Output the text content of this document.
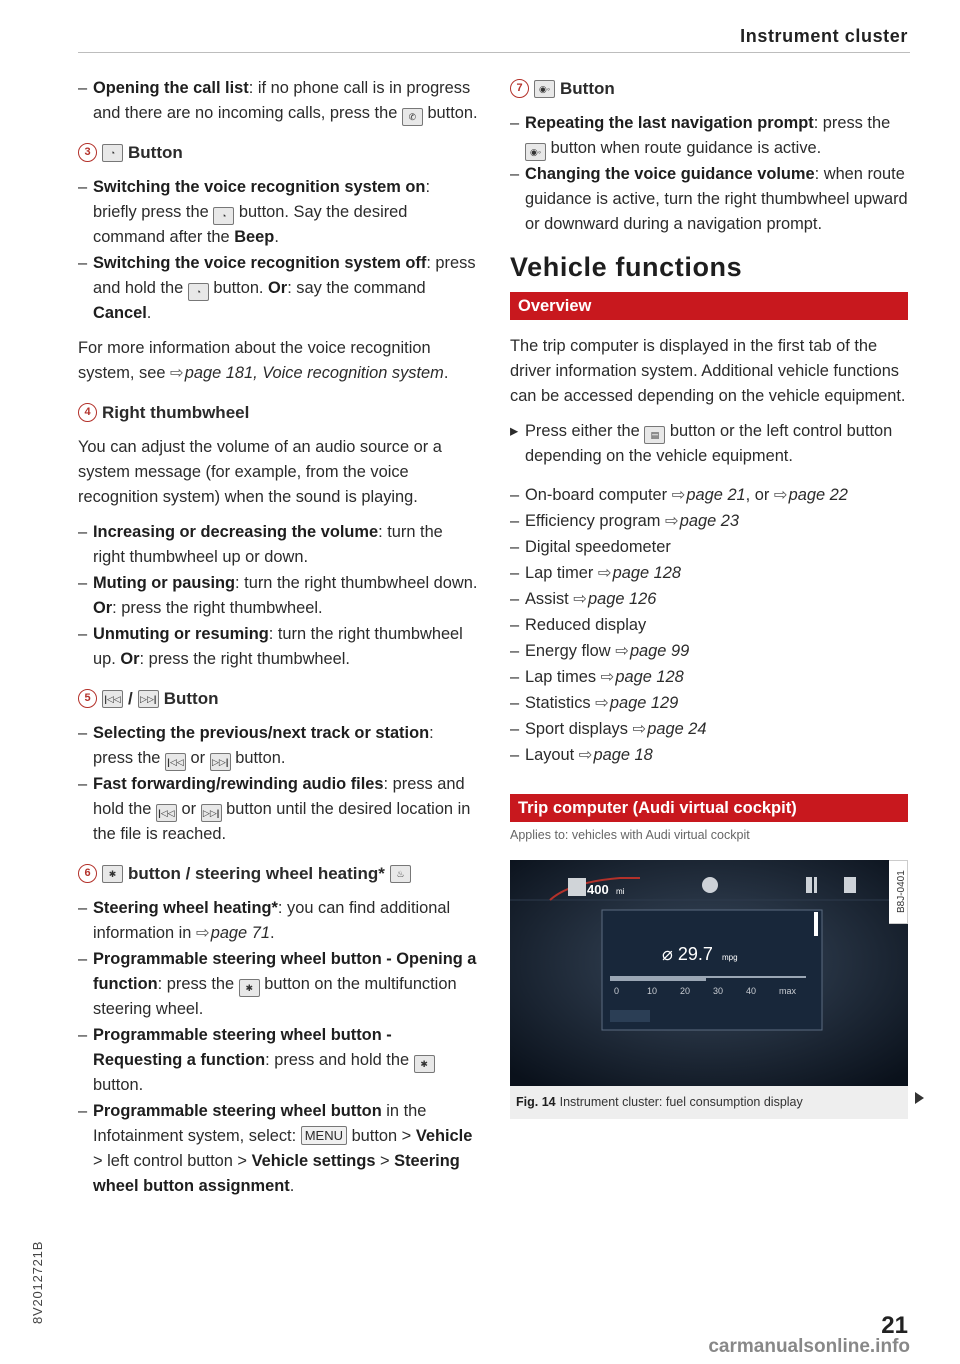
Instrument cluster

– Opening the call list: if no phone call is in progress and there are no incoming calls, press the ✆ button.

3	◔ Button

– Switching the voice recognition system on: briefly press the ◔ button. Say the desired command after the Beep.

– Switching the voice recognition system off: press and hold the ◔ button. Or: say the command Cancel.

For more information about the voice recognition system, see ⇨page 181, Voice recognition system.

4 Right thumbwheel

You can adjust the volume of an audio source or a system message (for example, from the voice recognition system) when the sound is playing.

– Increasing or decreasing the volume: turn the right thumbwheel up or down.

– Muting or pausing: turn the right thumbwheel down. Or: press the right thumbwheel.

– Unmuting or resuming: turn the right thumbwheel up. Or: press the right thumbwheel.

5	|◁◁ / ▷▷| Button

– Selecting the previous/next track or station: press the |◁◁ or ▷▷| button.

– Fast forwarding/rewinding audio files: press and hold the |◁◁ or ▷▷| button until the desired location in the file is reached.

6	✱ button / steering wheel heating*	♨

– Steering wheel heating*: you can find additional information in ⇨page 71.

– Programmable steering wheel button - Opening a function: press the ✱ button on the multifunction steering wheel.

– Programmable steering wheel button - Requesting a function: press and hold the ✱ button.

– Programmable steering wheel button in the Infotainment system, select: MENU button > Vehicle > left control button > Vehicle settings > Steering wheel button assignment.

7	◉◦ Button

– Repeating the last navigation prompt: press the ◉◦ button when route guidance is active.

– Changing the voice guidance volume: when route guidance is active, turn the right thumbwheel upward or downward during a navigation prompt.

Vehicle functions
Overview

The trip computer is displayed in the first tab of the driver information system. Additional vehicle functions can be accessed depending on the vehicle equipment.

▸ Press either the ▤ button or the left control button depending on the vehicle equipment.

– On-board computer ⇨page 21, or ⇨page 22

– Efficiency program ⇨page 23

– Digital speedometer

– Lap timer ⇨page 128

– Assist ⇨page 126

– Reduced display

– Energy flow ⇨page 99

– Lap times ⇨page 128

– Statistics ⇨page 129

– Sport displays ⇨page 24

– Layout ⇨page 18

Trip computer (Audi virtual cockpit)
Applies to: vehicles with Audi virtual cockpit
400 mi
⌀ 29.7 mpg
0	10	20	30	40	max
B8J-0401
Fig. 14 Instrument cluster: fuel consumption display
8V2012721B
21
carmanualsonline.info
